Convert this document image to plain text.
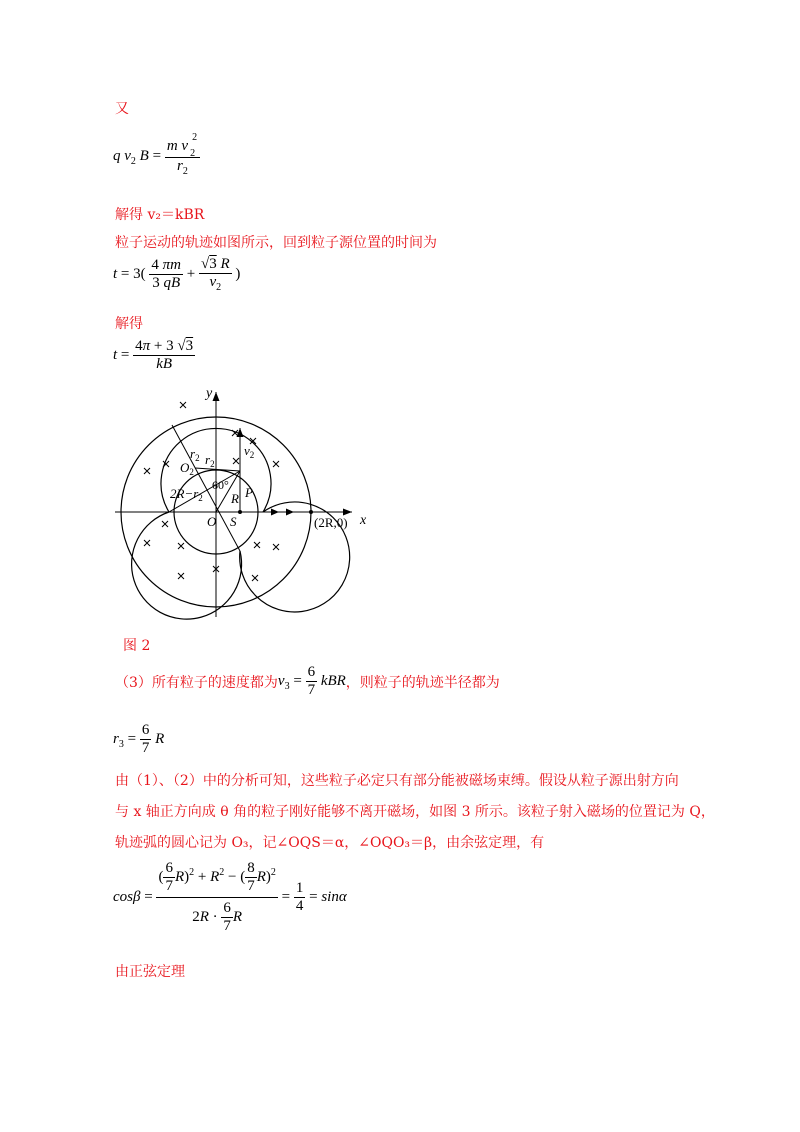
又
q $v_2$ $B = \frac{m v^2_2}{r_2}$
解得 v₂＝kBR
粒子运动的轨迹如图所示，回到粒子源位置的时间为
$t = 3( \frac{4 \pi m}{3 qB} + \frac{√3 R}{v_2}$ )
解得
$t = \frac{4\pi + 3 √3}{kB}$
y
x
O S
P
R
$O_2$
$r_2$ $r_2$
$v_2$
60°
$2R-r_2$
(2R,0)
图 2
（3）所有粒子的速度都为 $v_3 = \frac{6}{7}$ kBR ，则粒子的轨迹半径都为
$r_3 = \frac{6}{7}$ R
由（1）、（2）中的分析可知，这些粒子必定只有部分能被磁场束缚。假设从粒子源出射方向
与 x 轴正方向成 θ 角的粒子刚好能够不离开磁场，如图 3 所示。该粒子射入磁场的位置记为 Q，
轨迹弧的圆心记为 O₃，记∠OQS＝α，∠OQO₃＝β，由余弦定理，有
$\cos\beta = \frac{( \frac{6}{7} R)^2 + R^2 - ( \frac{8}{7} R)^2}{2R \cdot \frac{6}{7} R} = \frac{1}{4} = \sin\alpha$
由正弦定理
